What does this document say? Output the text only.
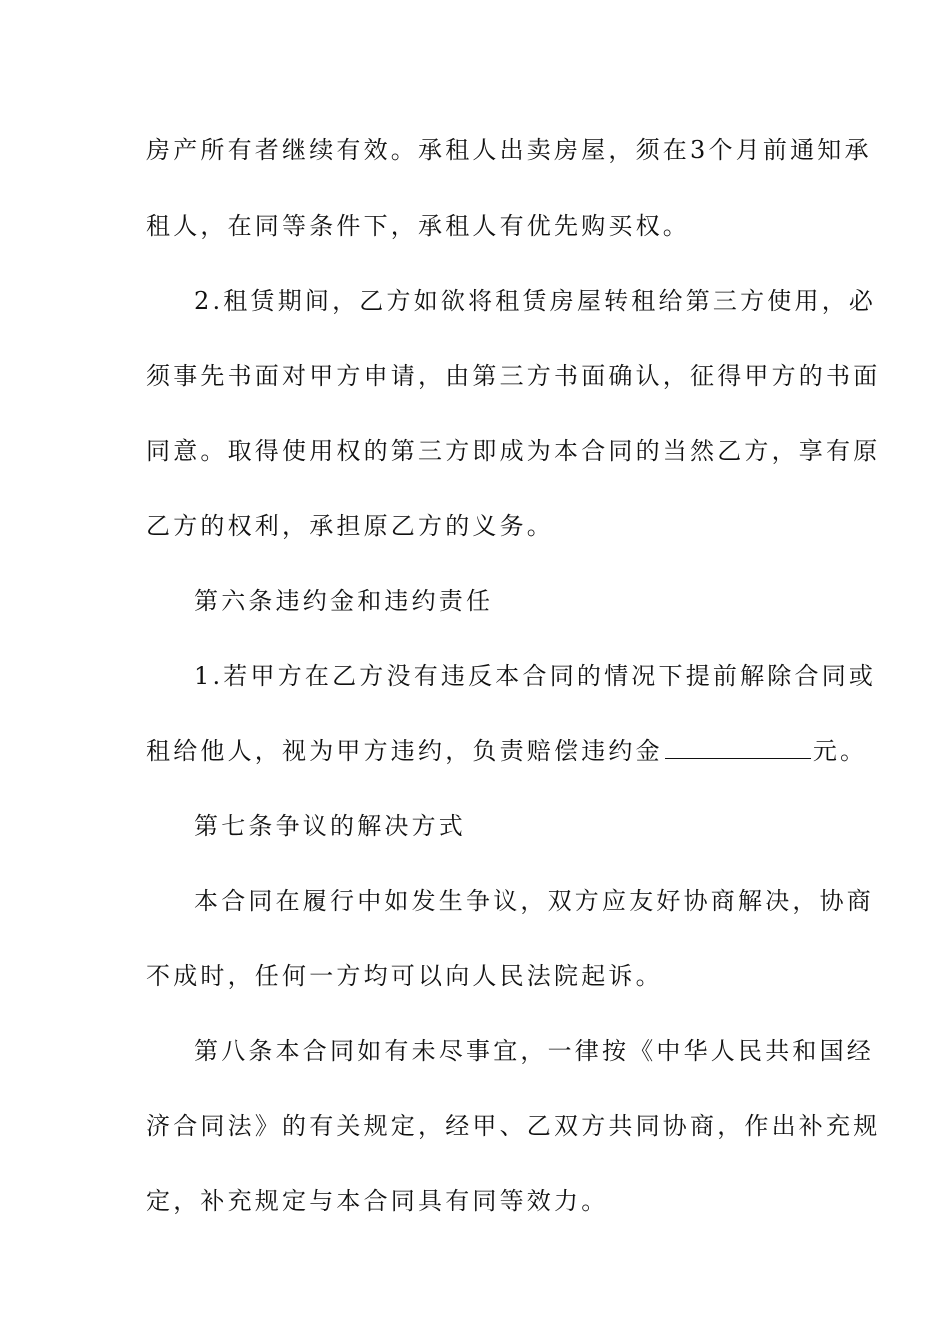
房产所有者继续有效。承租人出卖房屋，须在3个月前通知承
租人，在同等条件下，承租人有优先购买权。
2.租赁期间，乙方如欲将租赁房屋转租给第三方使用，必
须事先书面对甲方申请，由第三方书面确认，征得甲方的书面
同意。取得使用权的第三方即成为本合同的当然乙方，享有原
乙方的权利，承担原乙方的义务。
第六条违约金和违约责任
1.若甲方在乙方没有违反本合同的情况下提前解除合同或
租给他人，视为甲方违约，负责赔偿违约金	元。
第七条争议的解决方式
本合同在履行中如发生争议，双方应友好协商解决，协商
不成时，任何一方均可以向人民法院起诉。
第八条本合同如有未尽事宜，一律按《中华人民共和国经
济合同法》的有关规定，经甲、乙双方共同协商，作出补充规
定，补充规定与本合同具有同等效力。
